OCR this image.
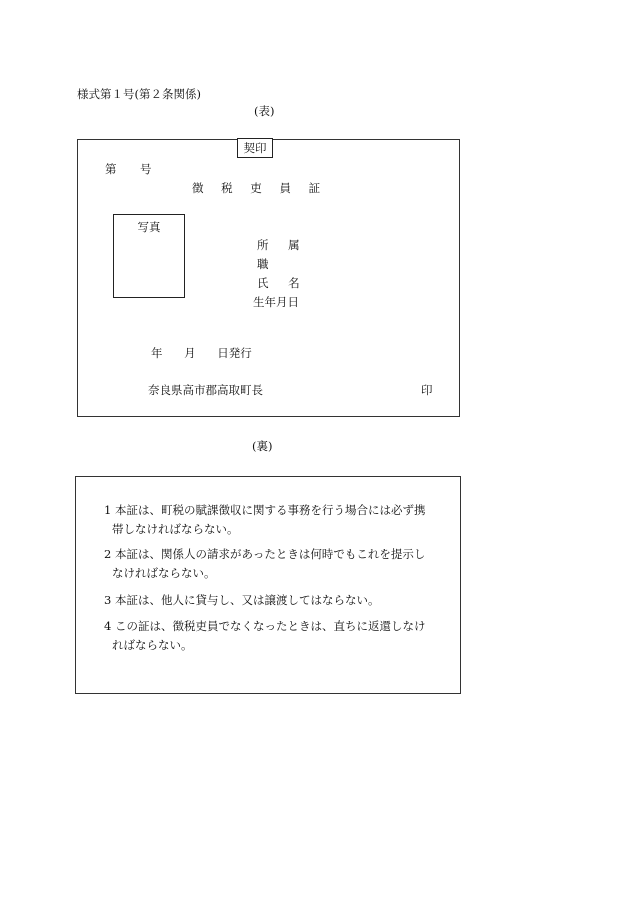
様式第１号(第２条関係)
(表)
契印
第 号
徴 税 吏 員 証
写真
所 属
職
氏 名
生年月日
年 月 日発行
奈良県高市郡高取町長	印
(裏)
1 本証は、町税の賦課徴収に関する事務を行う場合には必ず携
帯しなければならない。
2 本証は、関係人の請求があったときは何時でもこれを提示し
なければならない。
3 本証は、他人に貸与し、又は譲渡してはならない。
4 この証は、徴税吏員でなくなったときは、直ちに返還しなけ
ればならない。
